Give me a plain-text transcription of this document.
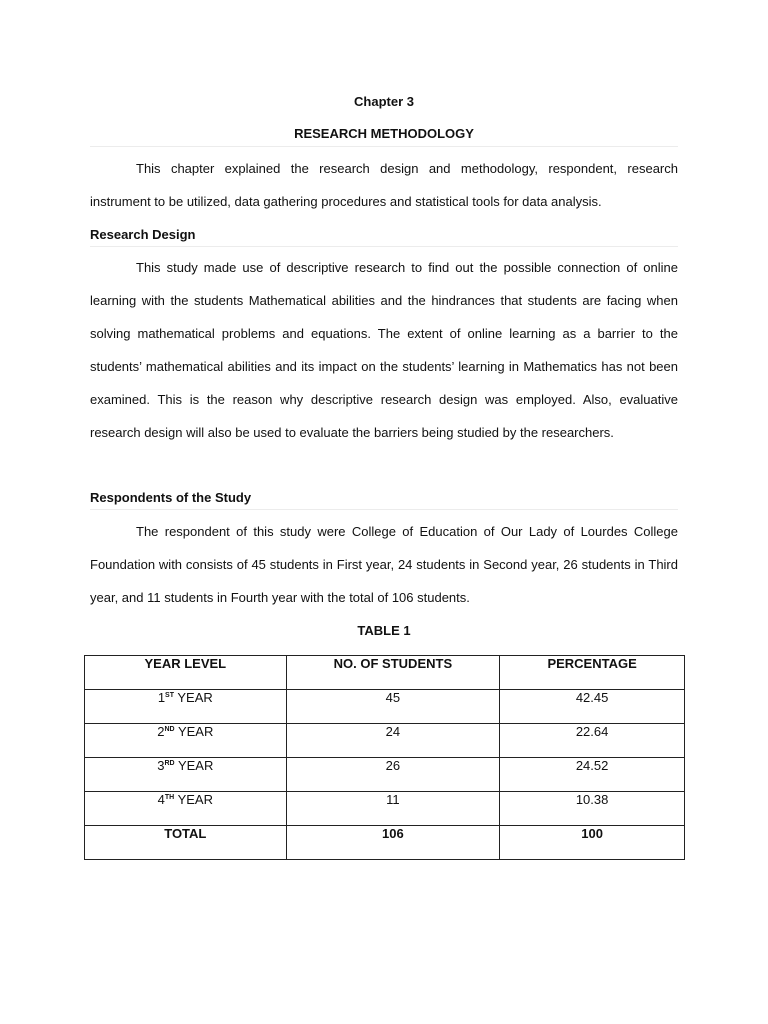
Chapter 3
RESEARCH METHODOLOGY

This chapter explained the research design and methodology, respondent, research instrument to be utilized, data gathering procedures and statistical tools for data analysis.

Research Design

This study made use of descriptive research to find out the possible connection of online learning with the students Mathematical abilities and the hindrances that students are facing when solving mathematical problems and equations. The extent of online learning as a barrier to the students’ mathematical abilities and its impact on the students’ learning in Mathematics has not been examined. This is the reason why descriptive research design was employed. Also, evaluative research design will also be used to evaluate the barriers being studied by the researchers.

Respondents of the Study

The respondent of this study were College of Education of Our Lady of Lourdes College Foundation with consists of 45 students in First year, 24 students in Second year, 26 students in Third year, and 11 students in Fourth year with the total of 106 students.

TABLE 1
YEAR LEVEL	NO. OF STUDENTS	PERCENTAGE
1ST YEAR	45	42.45
2ND YEAR	24	22.64
3RD YEAR	26	24.52
4TH YEAR	11	10.38
TOTAL	106	100
